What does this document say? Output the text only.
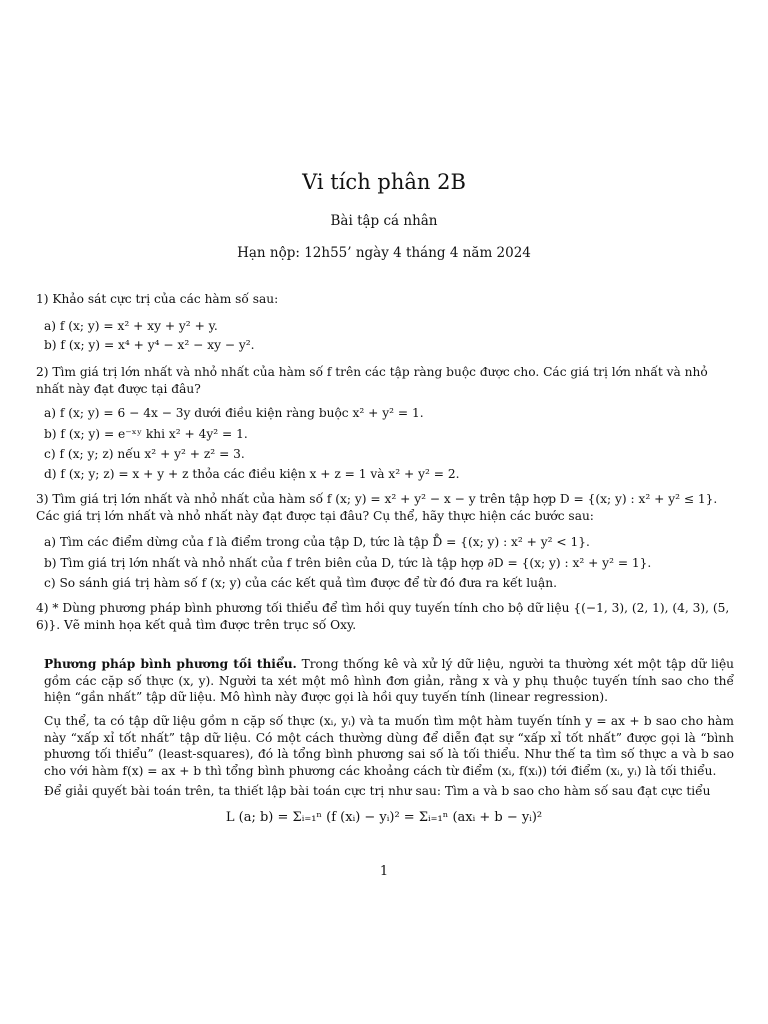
Vi tích phân 2B
Bài tập cá nhân
Hạn nộp: 12h55’ ngày 4 tháng 4 năm 2024
1) Khảo sát cực trị của các hàm số sau:
a) f (x; y) = x² + xy + y² + y.
b) f (x; y) = x⁴ + y⁴ − x² − xy − y².
2) Tìm giá trị lớn nhất và nhỏ nhất của hàm số f trên các tập ràng buộc được cho. Các giá trị lớn nhất và nhỏ nhất này đạt được tại đâu?
a) f (x; y) = 6 − 4x − 3y dưới điều kiện ràng buộc x² + y² = 1.
b) f (x; y) = e⁻ˣʸ khi x² + 4y² = 1.
c) f (x; y; z) nếu x² + y² + z² = 3.
d) f (x; y; z) = x + y + z thỏa các điều kiện x + z = 1 và x² + y² = 2.
3) Tìm giá trị lớn nhất và nhỏ nhất của hàm số f (x; y) = x² + y² − x − y trên tập hợp D = {(x; y) : x² + y² ≤ 1}. Các giá trị lớn nhất và nhỏ nhất này đạt được tại đâu? Cụ thể, hãy thực hiện các bước sau:
a) Tìm các điểm dừng của f là điểm trong của tập D, tức là tập D̊ = {(x; y) : x² + y² < 1}.
b) Tìm giá trị lớn nhất và nhỏ nhất của f trên biên của D, tức là tập hợp ∂D = {(x; y) : x² + y² = 1}.
c) So sánh giá trị hàm số f (x; y) của các kết quả tìm được để từ đó đưa ra kết luận.
4) * Dùng phương pháp bình phương tối thiểu để tìm hồi quy tuyến tính cho bộ dữ liệu {(−1, 3), (2, 1), (4, 3), (5, 6)}. Vẽ minh họa kết quả tìm được trên trục số Oxy.
Phương pháp bình phương tối thiểu. Trong thống kê và xử lý dữ liệu, người ta thường xét một tập dữ liệu gồm các cặp số thực (x, y). Người ta xét một mô hình đơn giản, rằng x và y phụ thuộc tuyến tính sao cho thể hiện “gần nhất” tập dữ liệu. Mô hình này được gọi là hồi quy tuyến tính (linear regression).
Cụ thể, ta có tập dữ liệu gồm n cặp số thực (xᵢ, yᵢ) và ta muốn tìm một hàm tuyến tính y = ax + b sao cho hàm này “xấp xỉ tốt nhất” tập dữ liệu. Có một cách thường dùng để diễn đạt sự “xấp xỉ tốt nhất” được gọi là “bình phương tối thiểu” (least-squares), đó là tổng bình phương sai số là tối thiểu. Như thế ta tìm số thực a và b sao cho với hàm f(x) = ax + b thì tổng bình phương các khoảng cách từ điểm (xᵢ, f(xᵢ)) tới điểm (xᵢ, yᵢ) là tối thiểu.
Để giải quyết bài toán trên, ta thiết lập bài toán cực trị như sau: Tìm a và b sao cho hàm số sau đạt cực tiểu
L (a; b) = Σᵢ₌₁ⁿ (f (xᵢ) − yᵢ)² = Σᵢ₌₁ⁿ (axᵢ + b − yᵢ)²
1
